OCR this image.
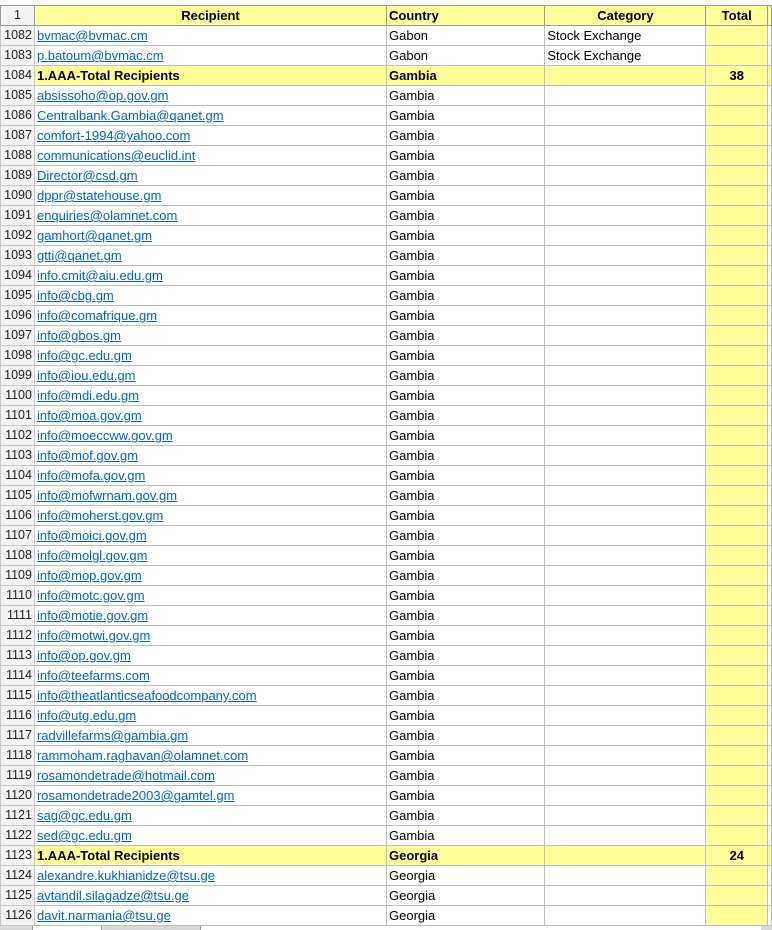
1	Recipient	Country	Category	Total	
1082	bvmac@bvmac.cm	Gabon	Stock Exchange		
1083	p.batoum@bvmac.cm	Gabon	Stock Exchange		
1084	1.AAA-Total Recipients	Gambia		38	
1085	absissoho@op.gov.gm	Gambia			
1086	Centralbank.Gambia@qanet.gm	Gambia			
1087	comfort-1994@yahoo.com	Gambia			
1088	communications@euclid.int	Gambia			
1089	Director@csd.gm	Gambia			
1090	dppr@statehouse.gm	Gambia			
1091	enquiries@olamnet.com	Gambia			
1092	gamhort@qanet.gm	Gambia			
1093	gtti@qanet.gm	Gambia			
1094	info.cmit@aiu.edu.gm	Gambia			
1095	info@cbg.gm	Gambia			
1096	info@comafrique.gm	Gambia			
1097	info@gbos.gm	Gambia			
1098	info@gc.edu.gm	Gambia			
1099	info@iou.edu.gm	Gambia			
1100	info@mdi.edu.gm	Gambia			
1101	info@moa.gov.gm	Gambia			
1102	info@moeccww.gov.gm	Gambia			
1103	info@mof.gov.gm	Gambia			
1104	info@mofa.gov.gm	Gambia			
1105	info@mofwrnam.gov.gm	Gambia			
1106	info@moherst.gov.gm	Gambia			
1107	info@moici.gov.gm	Gambia			
1108	info@molgl.gov.gm	Gambia			
1109	info@mop.gov.gm	Gambia			
1110	info@motc.gov.gm	Gambia			
1111	info@motie.gov.gm	Gambia			
1112	info@motwi.gov.gm	Gambia			
1113	info@op.gov.gm	Gambia			
1114	info@teefarms.com	Gambia			
1115	info@theatlanticseafoodcompany.com	Gambia			
1116	info@utg.edu.gm	Gambia			
1117	radvillefarms@gambia.gm	Gambia			
1118	rammoham.raghavan@olamnet.com	Gambia			
1119	rosamondetrade@hotmail.com	Gambia			
1120	rosamondetrade2003@gamtel.gm	Gambia			
1121	sag@gc.edu.gm	Gambia			
1122	sed@gc.edu.gm	Gambia			
1123	1.AAA-Total Recipients	Georgia		24	
1124	alexandre.kukhianidze@tsu.ge	Georgia			
1125	avtandil.silagadze@tsu.ge	Georgia			
1126	davit.narmania@tsu.ge	Georgia			
